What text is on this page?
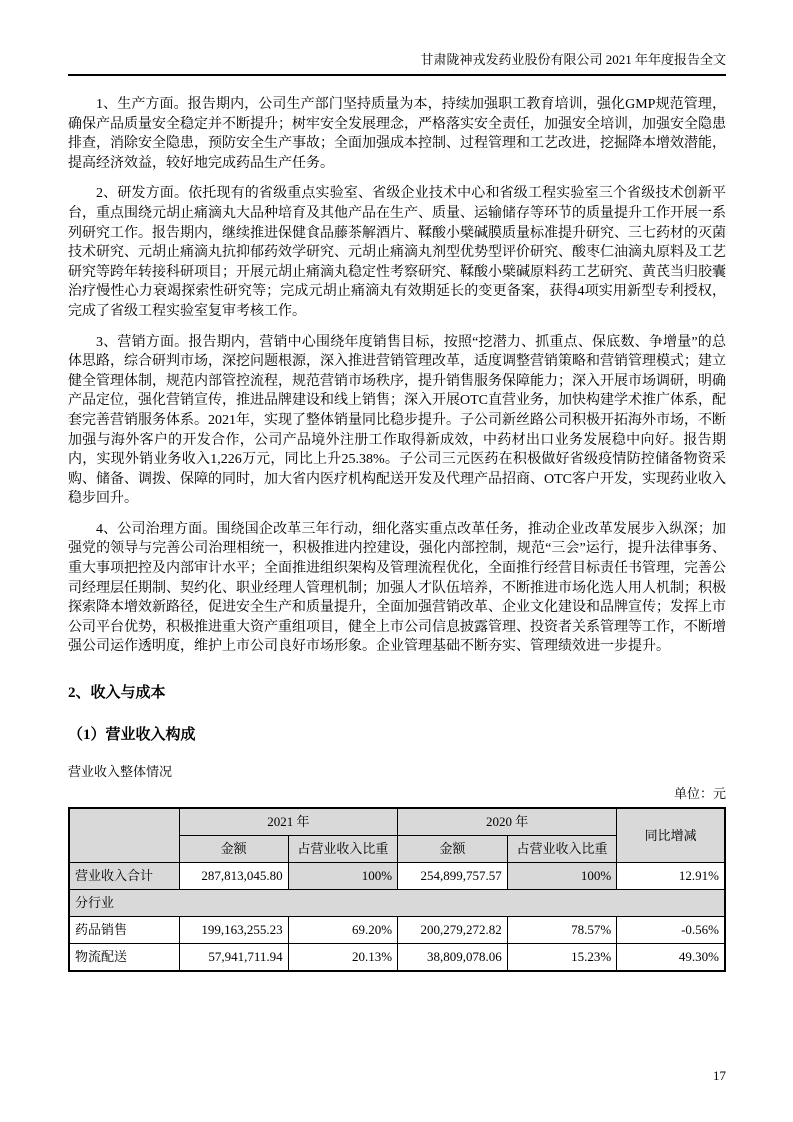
甘肃陇神戎发药业股份有限公司 2021 年年度报告全文

1、生产方面。报告期内，公司生产部门坚持质量为本，持续加强职工教育培训，强化GMP规范管理，确保产品质量安全稳定并不断提升；树牢安全发展理念，严格落实安全责任，加强安全培训，加强安全隐患排查，消除安全隐患，预防安全生产事故；全面加强成本控制、过程管理和工艺改进，挖掘降本增效潜能，提高经济效益，较好地完成药品生产任务。

2、研发方面。依托现有的省级重点实验室、省级企业技术中心和省级工程实验室三个省级技术创新平台，重点围绕元胡止痛滴丸大品种培育及其他产品在生产、质量、运输储存等环节的质量提升工作开展一系列研究工作。报告期内，继续推进保健食品藤茶解酒片、鞣酸小檗碱膜质量标准提升研究、三七药材的灭菌技术研究、元胡止痛滴丸抗抑郁药效学研究、元胡止痛滴丸剂型优势型评价研究、酸枣仁油滴丸原料及工艺研究等跨年转接科研项目；开展元胡止痛滴丸稳定性考察研究、鞣酸小檗碱原料药工艺研究、黄芪当归胶囊治疗慢性心力衰竭探索性研究等；完成元胡止痛滴丸有效期延长的变更备案，获得4项实用新型专利授权，完成了省级工程实验室复审考核工作。

3、营销方面。报告期内，营销中心围绕年度销售目标，按照“挖潜力、抓重点、保底数、争增量”的总体思路，综合研判市场，深挖问题根源，深入推进营销管理改革，适度调整营销策略和营销管理模式；建立健全管理体制，规范内部管控流程，规范营销市场秩序，提升销售服务保障能力；深入开展市场调研，明确产品定位，强化营销宣传，推进品牌建设和线上销售；深入开展OTC直营业务，加快构建学术推广体系，配套完善营销服务体系。2021年，实现了整体销量同比稳步提升。子公司新丝路公司积极开拓海外市场，不断加强与海外客户的开发合作，公司产品境外注册工作取得新成效，中药材出口业务发展稳中向好。报告期内，实现外销业务收入1,226万元，同比上升25.38%。子公司三元医药在积极做好省级疫情防控储备物资采购、储备、调拨、保障的同时，加大省内医疗机构配送开发及代理产品招商、OTC客户开发，实现药业收入稳步回升。

4、公司治理方面。围绕国企改革三年行动，细化落实重点改革任务，推动企业改革发展步入纵深；加强党的领导与完善公司治理相统一，积极推进内控建设，强化内部控制，规范“三会”运行，提升法律事务、重大事项把控及内部审计水平；全面推进组织架构及管理流程优化，全面推行经营目标责任书管理，完善公司经理层任期制、契约化、职业经理人管理机制；加强人才队伍培养，不断推进市场化选人用人机制；积极探索降本增效新路径，促进安全生产和质量提升，全面加强营销改革、企业文化建设和品牌宣传；发挥上市公司平台优势，积极推进重大资产重组项目，健全上市公司信息披露管理、投资者关系管理等工作，不断增强公司运作透明度，维护上市公司良好市场形象。企业管理基础不断夯实、管理绩效进一步提升。

2、收入与成本
（1）营业收入构成
营业收入整体情况
单位：元
	2021 年		2020 年		同比增减
	金额	占营业收入比重	金额	占营业收入比重	
营业收入合计	287,813,045.80	100%	254,899,757.57	100%	12.91%
分行业					
药品销售	199,163,255.23	69.20%	200,279,272.82	78.57%	-0.56%
物流配送	57,941,711.94	20.13%	38,809,078.06	15.23%	49.30%
17
